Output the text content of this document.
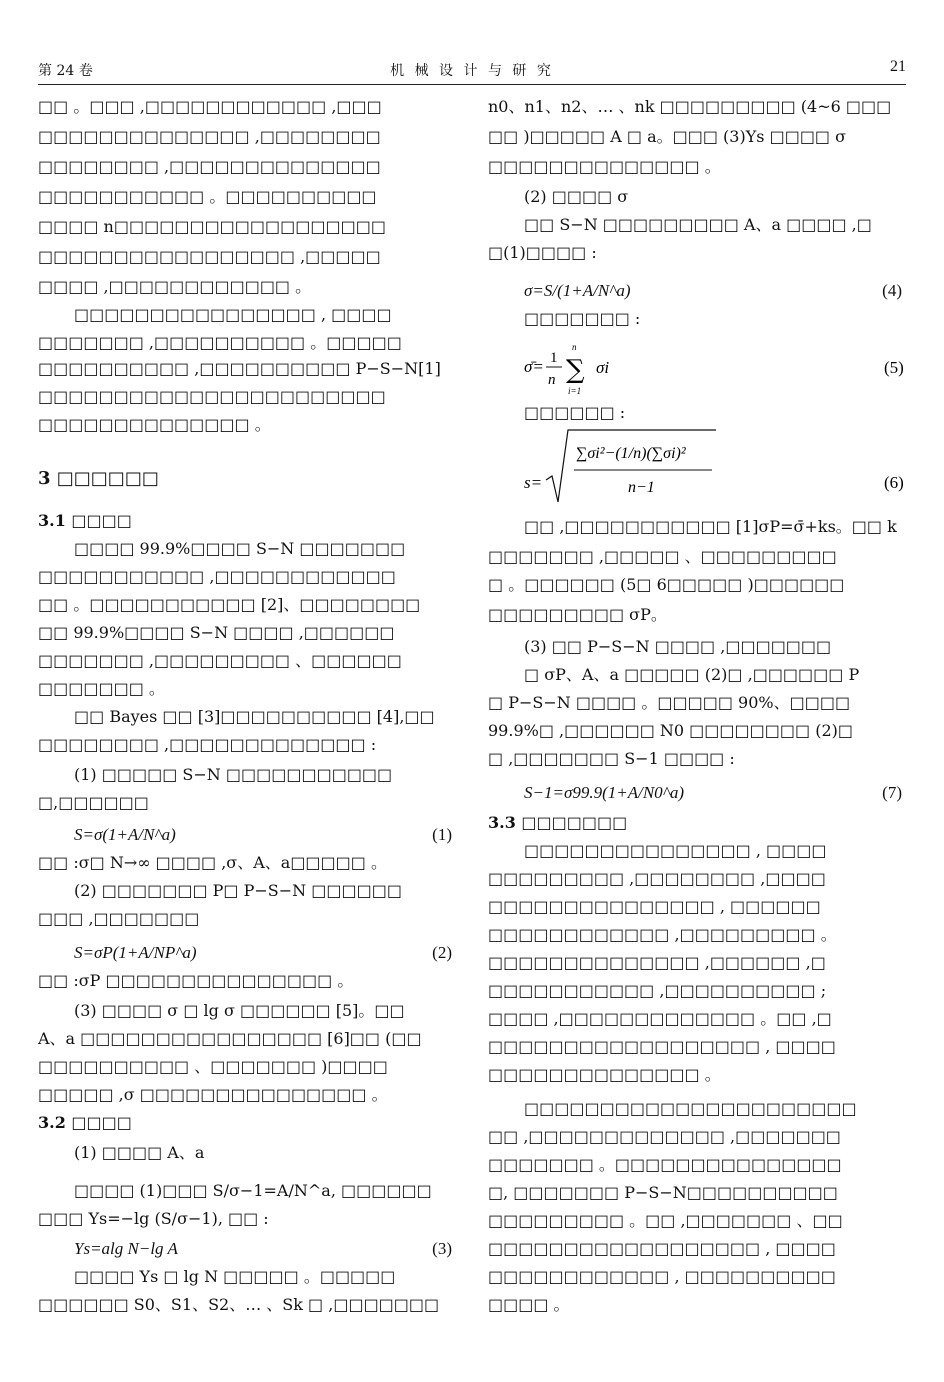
第 24 卷	机 械 设 计 与 研 究	21
□□ 。□□□ ,□□□□□□□□□□□□ ,□□□
□□□□□□□□□□□□□□ ,□□□□□□□□
□□□□□□□□ ,□□□□□□□□□□□□□□
□□□□□□□□□□□ 。□□□□□□□□□□
□□□□ n□□□□□□□□□□□□□□□□□□
□□□□□□□□□□□□□□□□□ ,□□□□□
□□□□ ,□□□□□□□□□□□□ 。
□□□□□□□□□□□□□□□□ , □□□□
□□□□□□□ ,□□□□□□□□□□ 。□□□□□
□□□□□□□□□□ ,□□□□□□□□□□ P−S−N[1]
□□□□□□□□□□□□□□□□□□□□□□□
□□□□□□□□□□□□□□ 。
3 □□□□□□
3.1 □□□□
□□□□ 99.9%□□□□ S−N □□□□□□□
□□□□□□□□□□□ ,□□□□□□□□□□□□
□□ 。□□□□□□□□□□□ [2]、□□□□□□□□
□□ 99.9%□□□□ S−N □□□□ ,□□□□□□
□□□□□□□ ,□□□□□□□□□ 、□□□□□□
□□□□□□□ 。
□□ Bayes □□ [3]□□□□□□□□□□ [4],□□
□□□□□□□□ ,□□□□□□□□□□□□□ :
(1) □□□□□ S−N □□□□□□□□□□□
□,□□□□□□
S=σ(1+A/N^a)	(1)
□□ :σ□ N→∞ □□□□ ,σ、A、a□□□□□ 。
(2) □□□□□□□ P□ P−S−N □□□□□□
□□□ ,□□□□□□□
S=σP(1+A/NP^a)	(2)
□□ :σP □□□□□□□□□□□□□□□ 。
(3) □□□□ σ □ lg σ □□□□□□ [5]。□□
A、a □□□□□□□□□□□□□□□□ [6]□□ (□□
□□□□□□□□□□ 、□□□□□□□ )□□□□
□□□□□ ,σ □□□□□□□□□□□□□□□ 。
3.2 □□□□
(1) □□□□ A、a
□□□□ (1)□□□ S/σ−1=A/N^a, □□□□□□
□□□ Ys=−lg (S/σ−1), □□ :
Ys=alg N−lg A	(3)
□□□□ Ys □ lg N □□□□□ 。□□□□□
□□□□□□ S0、S1、S2、… 、Sk □ ,□□□□□□□
n0、n1、n2、… 、nk □□□□□□□□□ (4~6 □□□
□□ )□□□□□ A □ a。□□□ (3)Ys □□□□ σ
□□□□□□□□□□□□□□ 。
(2) □□□□ σ
□□ S−N □□□□□□□□□ A、a □□□□ ,□
□(1)□□□□ :
σ=S/(1+A/N^a)	(4)
□□□□□□□ :
σ̄= 1
n
n
∑
i=1
σi	(5)
□□□□□□ :
s=
∑σi²−(1/n)(∑σi)²
n−1	(6)
□□ ,□□□□□□□□□□□ [1]σP=σ̄+ks。□□ k
□□□□□□□ ,□□□□□ 、□□□□□□□□□
□ 。□□□□□□ (5□ 6□□□□□ )□□□□□□
□□□□□□□□□ σP。
(3) □□ P−S−N □□□□ ,□□□□□□□
□ σP、A、a □□□□□ (2)□ ,□□□□□□ P
□ P−S−N □□□□ 。□□□□□ 90%、□□□□
99.9%□ ,□□□□□□ N0 □□□□□□□□ (2)□
□ ,□□□□□□□ S−1 □□□□ :
S−1=σ99.9(1+A/N0^a)	(7)
3.3 □□□□□□□
□□□□□□□□□□□□□□□ , □□□□
□□□□□□□□□ ,□□□□□□□□ ,□□□□
□□□□□□□□□□□□□□□ , □□□□□□
□□□□□□□□□□□□ ,□□□□□□□□□ 。
□□□□□□□□□□□□□□ ,□□□□□□ ,□
□□□□□□□□□□□ ,□□□□□□□□□□ ;
□□□□ ,□□□□□□□□□□□□□ 。□□ ,□
□□□□□□□□□□□□□□□□□□ , □□□□
□□□□□□□□□□□□□□ 。
□□□□□□□□□□□□□□□□□□□□□□
□□ ,□□□□□□□□□□□□□ ,□□□□□□□
□□□□□□□ 。□□□□□□□□□□□□□□□
□, □□□□□□□ P−S−N□□□□□□□□□□
□□□□□□□□□ 。□□ ,□□□□□□□ 、□□
□□□□□□□□□□□□□□□□□□ , □□□□
□□□□□□□□□□□□ , □□□□□□□□□□
□□□□ 。
